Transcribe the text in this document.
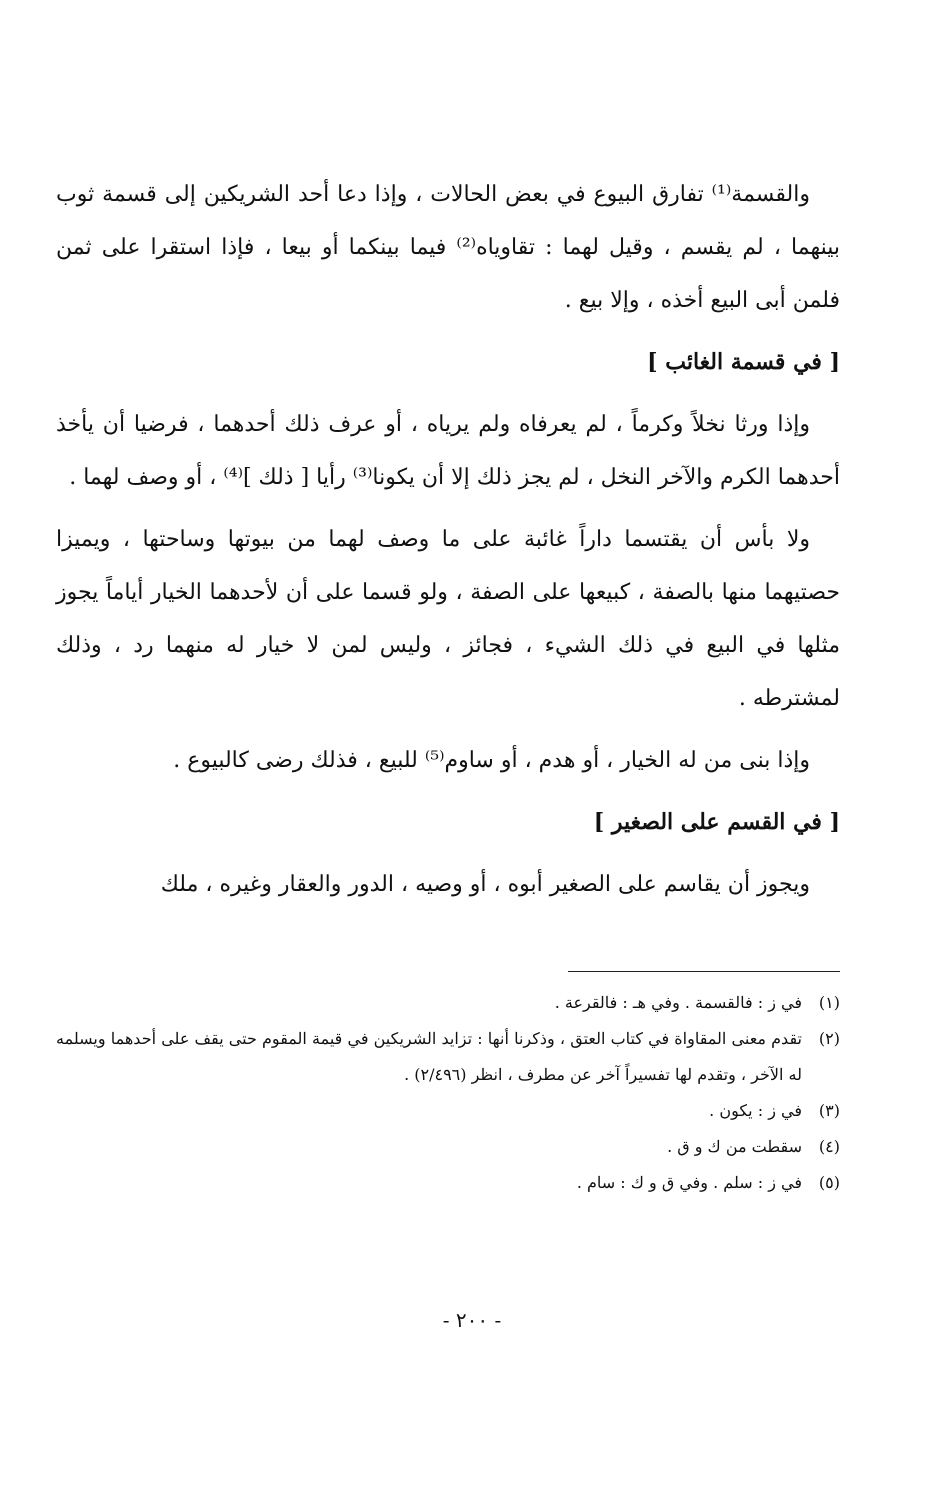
والقسمة⁽¹⁾ تفارق البيوع في بعض الحالات ، وإذا دعا أحد الشريكين إلى قسمة ثوب بينهما ، لم يقسم ، وقيل لهما : تقاوياه⁽²⁾ فيما بينكما أو بيعا ، فإذا استقرا على ثمن فلمن أبى البيع أخذه ، وإلا بيع .

[ في قسمة الغائب ]

وإذا ورثا نخلاً وكرماً ، لم يعرفاه ولم يرياه ، أو عرف ذلك أحدهما ، فرضيا أن يأخذ أحدهما الكرم والآخر النخل ، لم يجز ذلك إلا أن يكونا⁽³⁾ رأيا [ ذلك ]⁽⁴⁾ ، أو وصف لهما .

ولا بأس أن يقتسما داراً غائبة على ما وصف لهما من بيوتها وساحتها ، ويميزا حصتيهما منها بالصفة ، كبيعها على الصفة ، ولو قسما على أن لأحدهما الخيار أياماً يجوز مثلها في البيع في ذلك الشيء ، فجائز ، وليس لمن لا خيار له منهما رد ، وذلك لمشترطه .

وإذا بنى من له الخيار ، أو هدم ، أو ساوم⁽⁵⁾ للبيع ، فذلك رضى كالبيوع .

[ في القسم على الصغير ]

ويجوز أن يقاسم على الصغير أبوه ، أو وصيه ، الدور والعقار وغيره ، ملك

(١)
في ز : فالقسمة . وفي هـ : فالقرعة .
(٢)
تقدم معنى المقاواة في كتاب العتق ، وذكرنا أنها : تزايد الشريكين في قيمة المقوم حتى يقف على أحدهما ويسلمه له الآخر ، وتقدم لها تفسيراً آخر عن مطرف ، انظر (٢/٤٩٦) .
(٣)
في ز : يكون .
(٤)
سقطت من ك و ق .
(٥)
في ز : سلم . وفي ق و ك : سام .
- ٢٠٠ -
